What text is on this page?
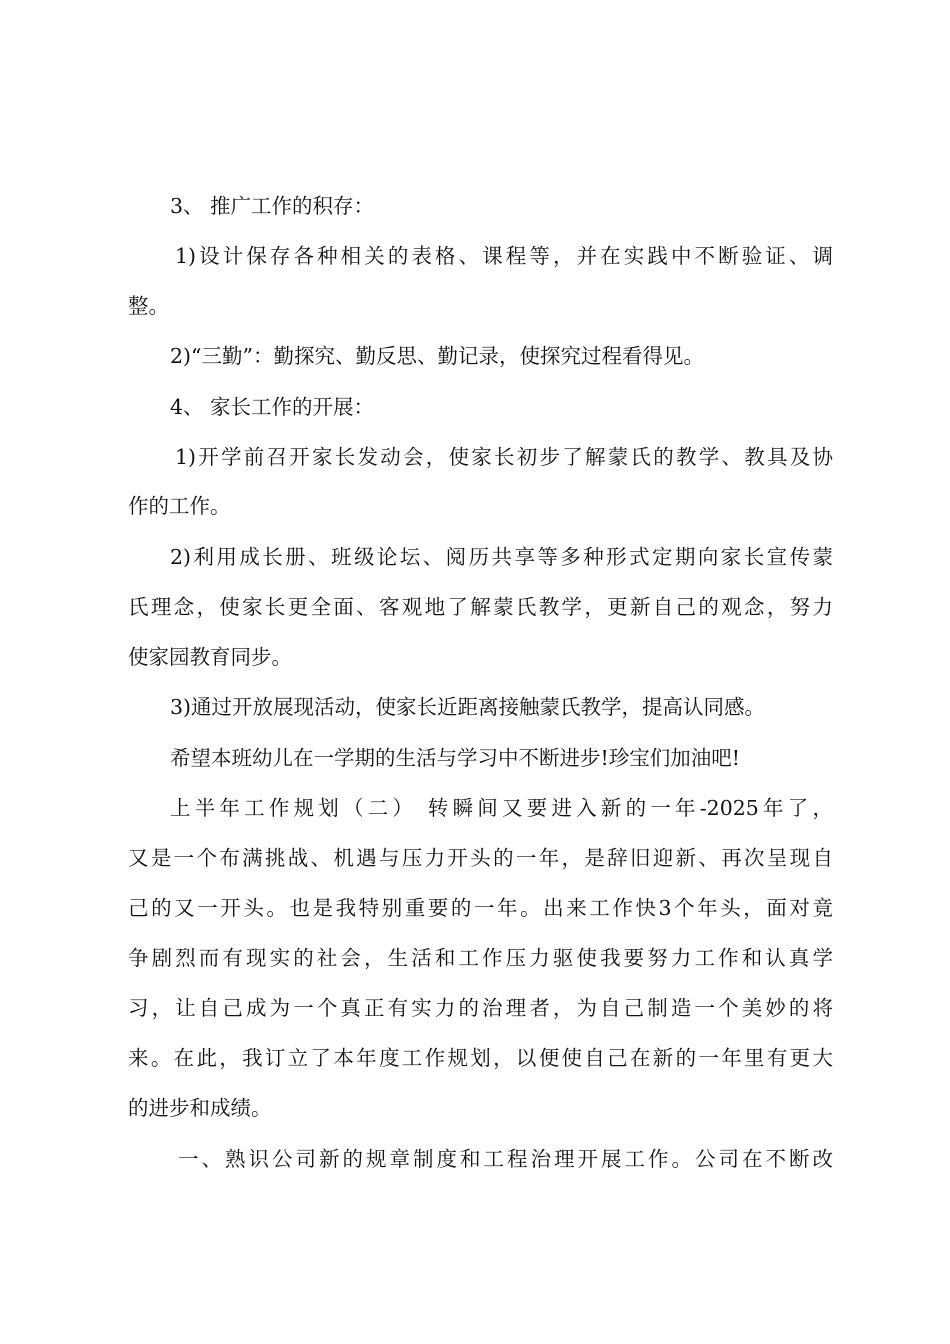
3、 推广工作的积存：
1)设计保存各种相关的表格、课程等，并在实践中不断验证、调
整。
2)“三勤”：勤探究、勤反思、勤记录，使探究过程看得见。
4、 家长工作的开展：
1)开学前召开家长发动会，使家长初步了解蒙氏的教学、教具及协
作的工作。
2)利用成长册、班级论坛、阅历共享等多种形式定期向家长宣传蒙
氏理念，使家长更全面、客观地了解蒙氏教学，更新自己的观念，努力
使家园教育同步。
3)通过开放展现活动，使家长近距离接触蒙氏教学，提高认同感。
希望本班幼儿在一学期的生活与学习中不断进步!珍宝们加油吧!
上半年工作规划（二） 转瞬间又要进入新的一年-2025年了，
又是一个布满挑战、机遇与压力开头的一年，是辞旧迎新、再次呈现自
己的又一开头。也是我特别重要的一年。出来工作快3个年头，面对竟
争剧烈而有现实的社会，生活和工作压力驱使我要努力工作和认真学
习，让自己成为一个真正有实力的治理者，为自己制造一个美妙的将
来。在此，我订立了本年度工作规划，以便使自己在新的一年里有更大
的进步和成绩。
一、熟识公司新的规章制度和工程治理开展工作。公司在不断改
